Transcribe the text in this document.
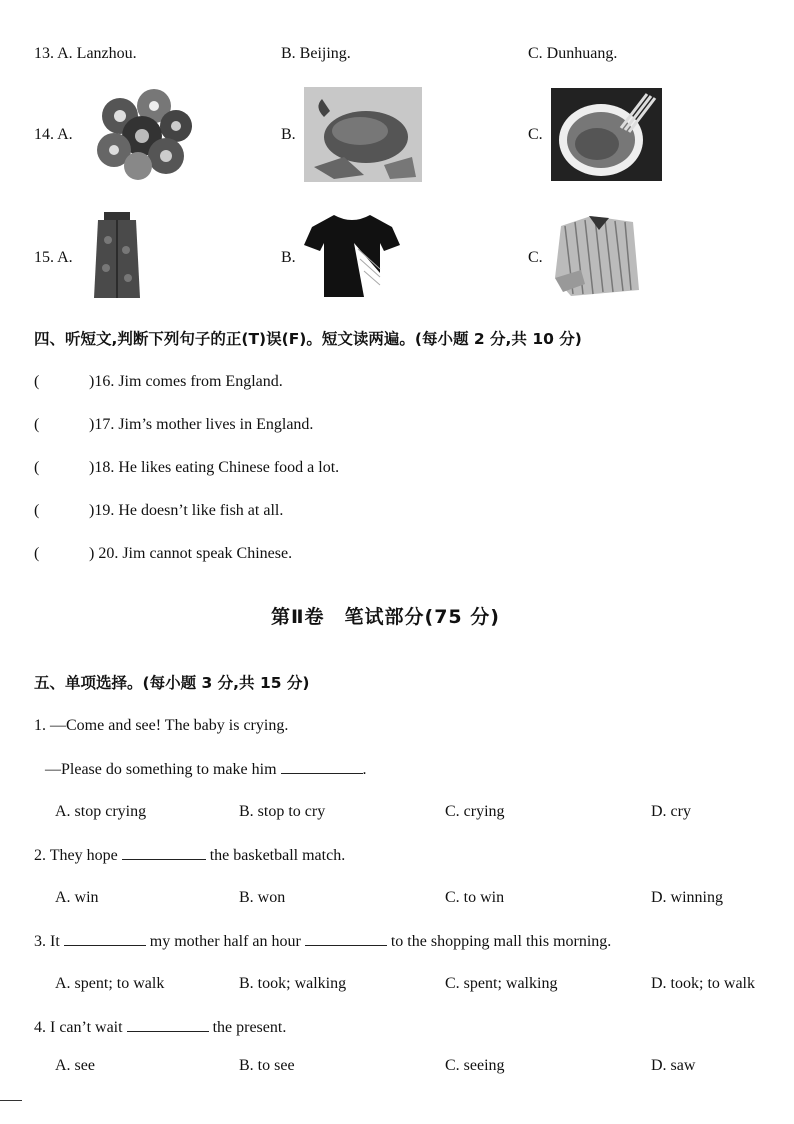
13. A. Lanzhou.	B. Beijing.	C. Dunhuang.
14. A.	B.	C.
15. A.	B.	C.
四、听短文,判断下列句子的正(T)误(F)。短文读两遍。(每小题 2 分,共 10 分)
(	)16. Jim comes from England.
(	)17. Jim’s mother lives in England.
(	)18. He likes eating Chinese food a lot.
(	)19. He doesn’t like fish at all.
(	) 20. Jim cannot speak Chinese.
第Ⅱ卷　笔试部分(75 分)
五、单项选择。(每小题 3 分,共 15 分)
1. —Come and see! The baby is crying.
—Please do something to make him	.
A. stop crying	B. stop to cry	C. crying	D. cry
2. They hope	the basketball match.
A. win	B. won	C. to win	D. winning
3. It	my mother half an hour	to the shopping mall this morning.
A. spent; to walk	B. took; walking	C. spent; walking	D. took; to walk
4. I can’t wait	the present.
A. see	B. to see	C. seeing	D. saw
